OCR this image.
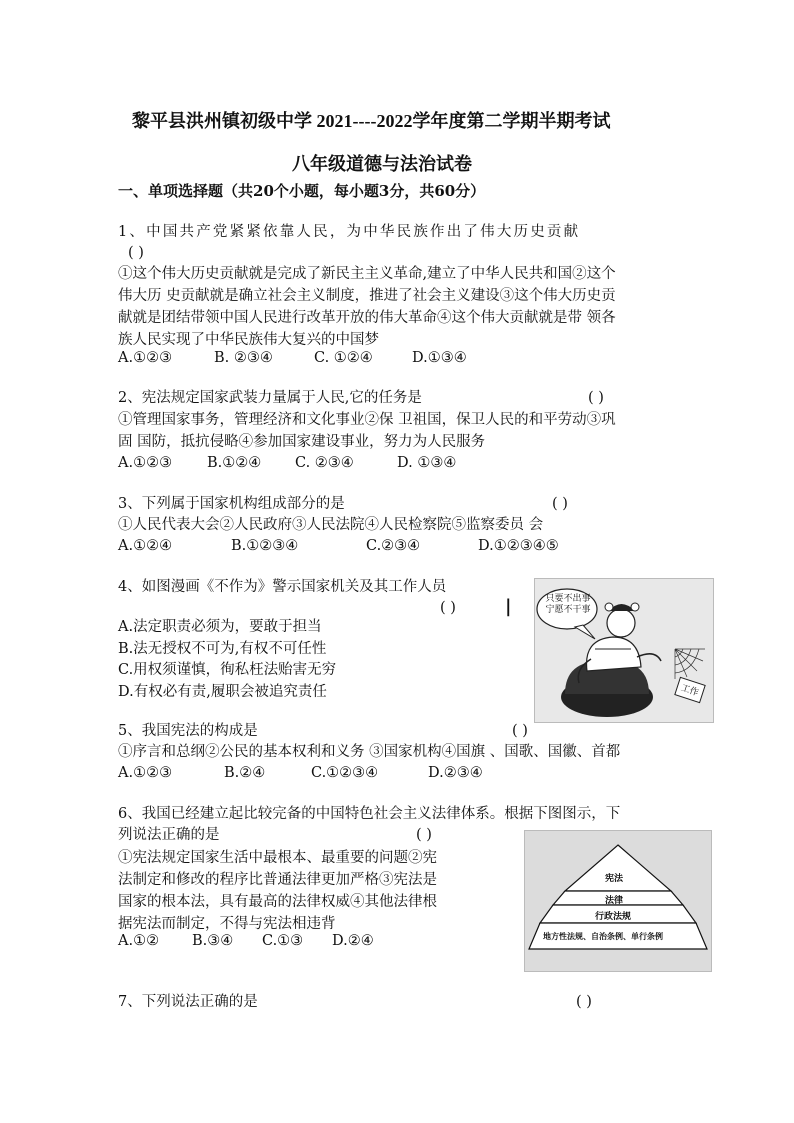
黎平县洪州镇初级中学 2021----2022学年度第二学期半期考试
八年级道德与法治试卷
一、单项选择题（共20个小题，每小题3分，共60分）
1、中国共产党紧紧依靠人民，为中华民族作出了伟大历史贡献
( )
①这个伟大历史贡献就是完成了新民主主义革命,建立了中华人民共和国②这个
伟大历 史贡献就是确立社会主义制度，推进了社会主义建设③这个伟大历史贡
献就是团结带领中国人民进行改革开放的伟大革命④这个伟大贡献就是带 领各
族人民实现了中华民族伟大复兴的中国梦
A.①②③	B. ②③④	C. ①②④	D.①③④
2、宪法规定国家武装力量属于人民,它的任务是	( )
①管理国家事务，管理经济和文化事业②保 卫祖国，保卫人民的和平劳动③巩
固 国防，抵抗侵略④参加国家建设事业，努力为人民服务
A.①②③ B.①②④ C. ②③④	D. ①③④
3、下列属于国家机构组成部分的是	( )
①人民代表大会②人民政府③人民法院④人民检察院⑤监察委员 会
A.①②④	B.①②③④	C.②③④	D.①②③④⑤
4、如图漫画《不作为》警示国家机关及其工作人员
( )	|
A.法定职责必须为，要敢于担当
B.法无授权不可为,有权不可任性
C.用权须谨慎，徇私枉法贻害无穷
D.有权必有责,履职会被追究责任
只要不出事
宁愿不干事
工作
5、我国宪法的构成是	( )
①序言和总纲②公民的基本权利和义务 ③国家机构④国旗 、国歌、国徽、首都
A.①②③	B.②④	C.①②③④	D.②③④
6、我国已经建立起比较完备的中国特色社会主义法律体系。根据下图图示，下
列说法正确的是	( )
①宪法规定国家生活中最根本、最重要的问题②宪
法制定和修改的程序比普通法律更加严格③宪法是
国家的根本法，具有最高的法律权威④其他法律根
据宪法而制定，不得与宪法相违背
A.①② B.③④ C.①③ D.②④
宪法
法律
行政法规
地方性法规、自治条例、单行条例
7、下列说法正确的是	( )
